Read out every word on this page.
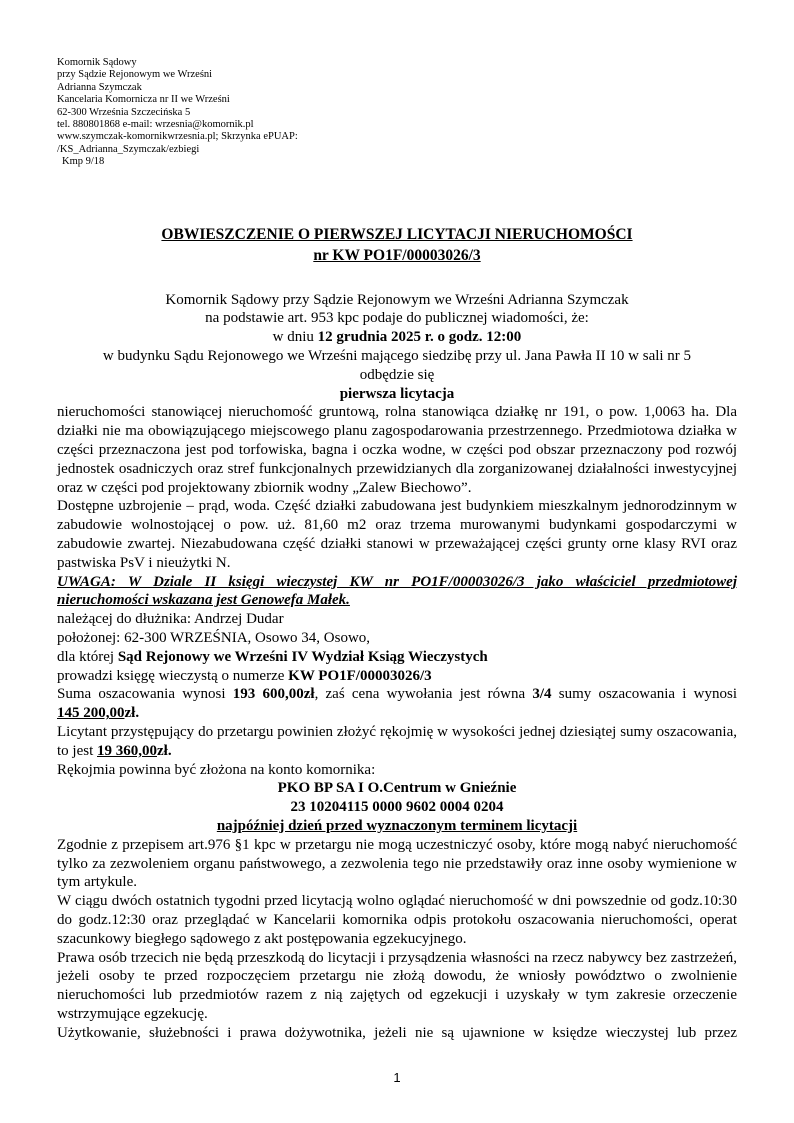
Komornik Sądowy
przy Sądzie Rejonowym we Wrześni
Adrianna Szymczak
Kancelaria Komornicza nr II we Wrześni
62-300 Września Szczecińska 5
tel. 880801868 e-mail: wrzesnia@komornik.pl
www.szymczak-komornikwrzesnia.pl; Skrzynka ePUAP:
/KS_Adrianna_Szymczak/ezbiegi
Kmp 9/18
OBWIESZCZENIE O PIERWSZEJ LICYTACJI NIERUCHOMOŚCI
nr KW PO1F/00003026/3

Komornik Sądowy przy Sądzie Rejonowym we Wrześni Adrianna Szymczak

na podstawie art. 953 kpc podaje do publicznej wiadomości, że:

w dniu 12 grudnia 2025 r. o godz. 12:00

w budynku Sądu Rejonowego we Wrześni mającego siedzibę przy ul. Jana Pawła II 10 w sali nr 5

odbędzie się

pierwsza licytacja

nieruchomości stanowiącej nieruchomość gruntową, rolna stanowiąca działkę nr 191, o pow. 1,0063 ha. Dla działki nie ma obowiązującego miejscowego planu zagospodarowania przestrzennego. Przedmiotowa działka w części przeznaczona jest pod torfowiska, bagna i oczka wodne, w części pod obszar przeznaczony pod rozwój jednostek osadniczych oraz stref funkcjonalnych przewidzianych dla zorganizowanej działalności inwestycyjnej oraz w części pod projektowany zbiornik wodny „Zalew Biechowo”.

Dostępne uzbrojenie – prąd, woda. Część działki zabudowana jest budynkiem mieszkalnym jednorodzinnym w zabudowie wolnostojącej o pow. uż. 81,60 m2 oraz trzema murowanymi budynkami gospodarczymi w zabudowie zwartej. Niezabudowana część działki stanowi w przeważającej części grunty orne klasy RVI oraz pastwiska PsV i nieużytki N.

UWAGA: W Dziale II księgi wieczystej KW nr PO1F/00003026/3 jako właściciel przedmiotowej nieruchomości wskazana jest Genowefa Małek.

należącej do dłużnika: Andrzej Dudar

położonej: 62-300 WRZEŚNIA, Osowo 34, Osowo,

dla której Sąd Rejonowy we Wrześni IV Wydział Ksiąg Wieczystych

prowadzi księgę wieczystą o numerze KW PO1F/00003026/3

Suma oszacowania wynosi 193 600,00zł, zaś cena wywołania jest równa 3/4 sumy oszacowania i wynosi

145 200,00zł.

Licytant przystępujący do przetargu powinien złożyć rękojmię w wysokości jednej dziesiątej sumy oszacowania, to jest 19 360,00zł.

Rękojmia powinna być złożona na konto komornika:

PKO BP SA I O.Centrum w Gnieźnie

23 10204115 0000 9602 0004 0204

najpóźniej dzień przed wyznaczonym terminem licytacji

Zgodnie z przepisem art.976 §1 kpc w przetargu nie mogą uczestniczyć osoby, które mogą nabyć nieruchomość tylko za zezwoleniem organu państwowego, a zezwolenia tego nie przedstawiły oraz inne osoby wymienione w tym artykule.

W ciągu dwóch ostatnich tygodni przed licytacją wolno oglądać nieruchomość w dni powszednie od godz.10:30 do godz.12:30 oraz przeglądać w Kancelarii komornika odpis protokołu oszacowania nieruchomości, operat szacunkowy biegłego sądowego z akt postępowania egzekucyjnego.

Prawa osób trzecich nie będą przeszkodą do licytacji i przysądzenia własności na rzecz nabywcy bez zastrzeżeń, jeżeli osoby te przed rozpoczęciem przetargu nie złożą dowodu, że wniosły powództwo o zwolnienie nieruchomości lub przedmiotów razem z nią zajętych od egzekucji i uzyskały w tym zakresie orzeczenie wstrzymujące egzekucję.

Użytkowanie, służebności i prawa dożywotnika, jeżeli nie są ujawnione w księdze wieczystej lub przez

1
